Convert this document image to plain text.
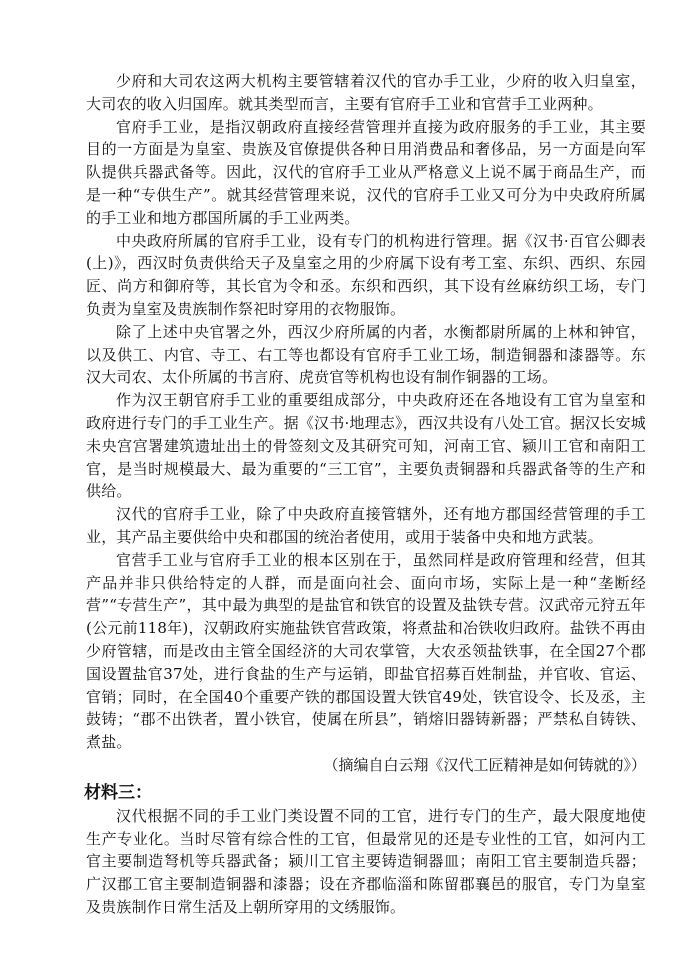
少府和大司农这两大机构主要管辖着汉代的官办手工业，少府的收入归皇室，大司农的收入归国库。就其类型而言，主要有官府手工业和官营手工业两种。

官府手工业，是指汉朝政府直接经营管理并直接为政府服务的手工业，其主要目的一方面是为皇室、贵族及官僚提供各种日用消费品和奢侈品，另一方面是向军队提供兵器武备等。因此，汉代的官府手工业从严格意义上说不属于商品生产，而是一种“专供生产”。就其经营管理来说，汉代的官府手工业又可分为中央政府所属的手工业和地方郡国所属的手工业两类。

中央政府所属的官府手工业，设有专门的机构进行管理。据《汉书·百官公卿表(上)》，西汉时负责供给天子及皇室之用的少府属下设有考工室、东织、西织、东园匠、尚方和御府等，其长官为令和丞。东织和西织，其下设有丝麻纺织工场，专门负责为皇室及贵族制作祭祀时穿用的衣物服饰。

除了上述中央官署之外，西汉少府所属的内者，水衡都尉所属的上林和钟官，以及供工、内官、寺工、右工等也都设有官府手工业工场，制造铜器和漆器等。东汉大司农、太仆所属的书言府、虎贲官等机构也设有制作铜器的工场。

作为汉王朝官府手工业的重要组成部分，中央政府还在各地设有工官为皇室和政府进行专门的手工业生产。据《汉书·地理志》，西汉共设有八处工官。据汉长安城未央宫宫署建筑遗址出土的骨签刻文及其研究可知，河南工官、颍川工官和南阳工官，是当时规模最大、最为重要的“三工官”，主要负责铜器和兵器武备等的生产和供给。

汉代的官府手工业，除了中央政府直接管辖外，还有地方郡国经营管理的手工业，其产品主要供给中央和郡国的统治者使用，或用于装备中央和地方武装。

官营手工业与官府手工业的根本区别在于，虽然同样是政府管理和经营，但其产品并非只供给特定的人群，而是面向社会、面向市场，实际上是一种“垄断经营”“专营生产”，其中最为典型的是盐官和铁官的设置及盐铁专营。汉武帝元狩五年(公元前118年)，汉朝政府实施盐铁官营政策，将煮盐和冶铁收归政府。盐铁不再由少府管辖，而是改由主管全国经济的大司农掌管，大农丞领盐铁事，在全国27个郡国设置盐官37处，进行食盐的生产与运销，即盐官招募百姓制盐，并官收、官运、官销；同时，在全国40个重要产铁的郡国设置大铁官49处，铁官设令、长及丞，主鼓铸；“郡不出铁者，置小铁官，使属在所县”，销熔旧器铸新器；严禁私自铸铁、煮盐。

（摘编自白云翔《汉代工匠精神是如何铸就的》）

材料三：

汉代根据不同的手工业门类设置不同的工官，进行专门的生产，最大限度地使生产专业化。当时尽管有综合性的工官，但最常见的还是专业性的工官，如河内工官主要制造弩机等兵器武备；颍川工官主要铸造铜器皿；南阳工官主要制造兵器；广汉郡工官主要制造铜器和漆器；设在齐郡临淄和陈留郡襄邑的服官，专门为皇室及贵族制作日常生活及上朝所穿用的文绣服饰。
